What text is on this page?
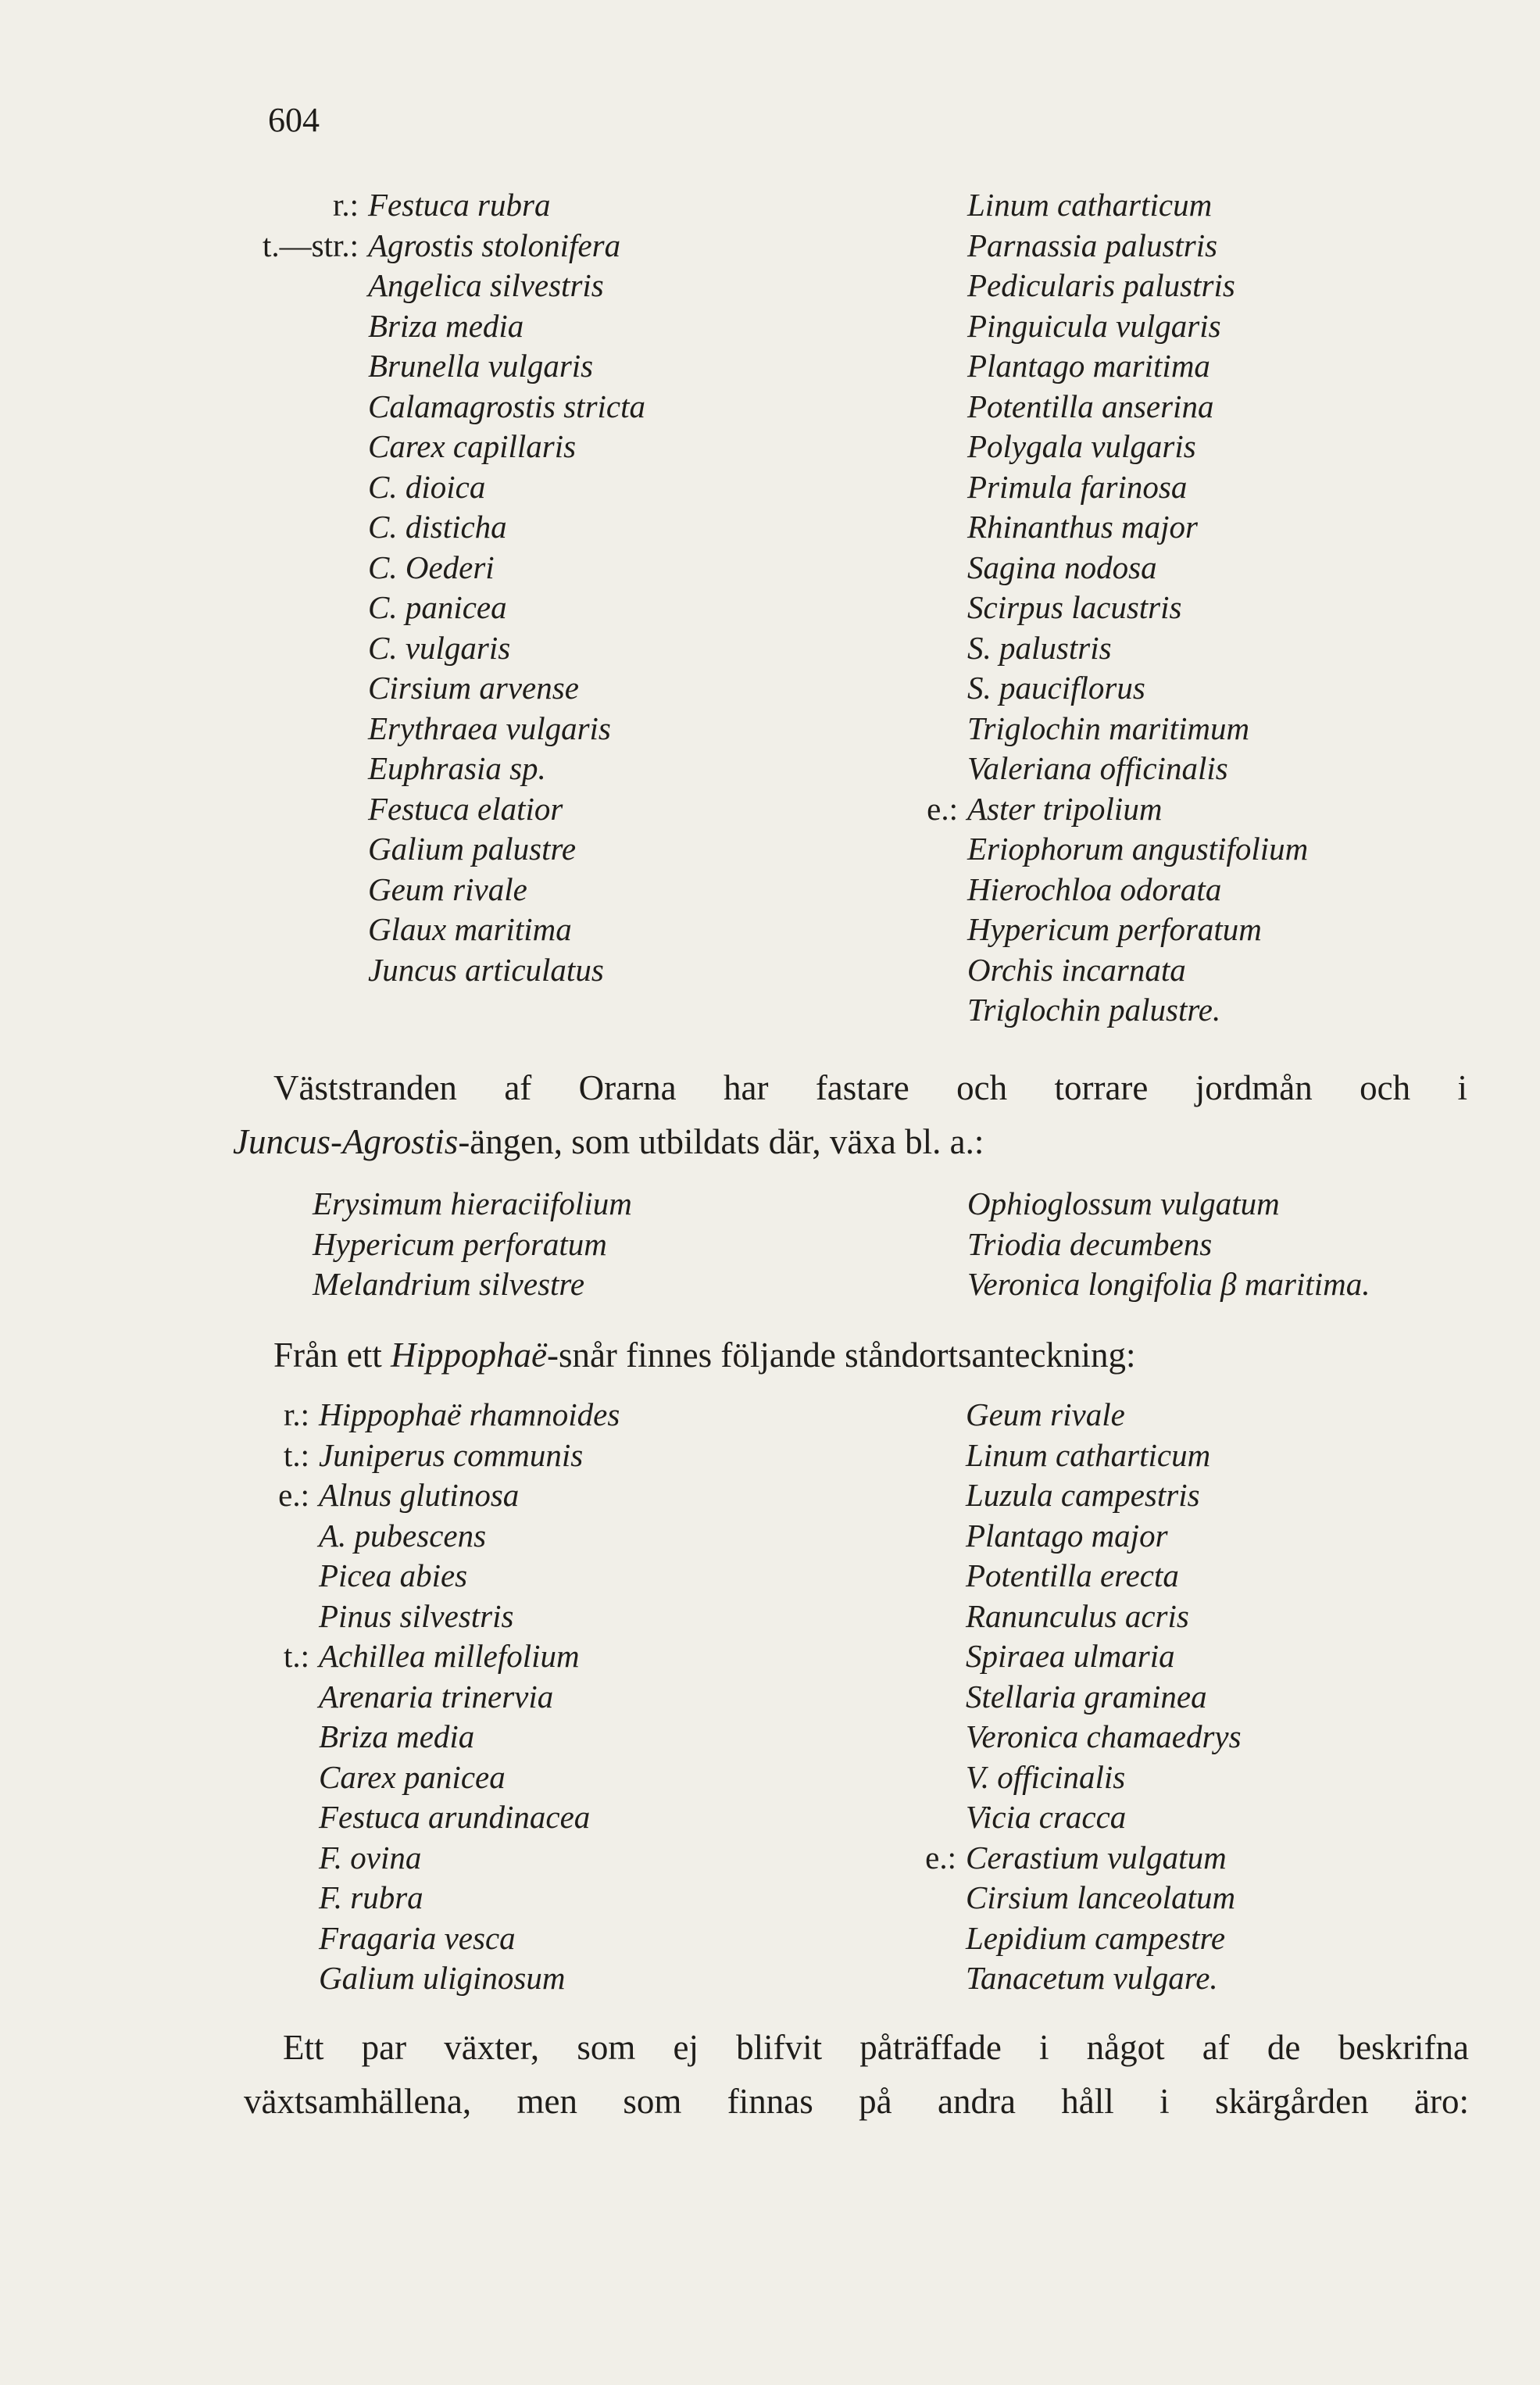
604
r.: Festuca rubra
t.—str.: Agrostis stolonifera
Angelica silvestris
Briza media
Brunella vulgaris
Calamagrostis stricta
Carex capillaris
C. dioica
C. disticha
C. Oederi
C. panicea
C. vulgaris
Cirsium arvense
Erythraea vulgaris
Euphrasia sp.
Festuca elatior
Galium palustre
Geum rivale
Glaux maritima
Juncus articulatus
Linum catharticum
Parnassia palustris
Pedicularis palustris
Pinguicula vulgaris
Plantago maritima
Potentilla anserina
Polygala vulgaris
Primula farinosa
Rhinanthus major
Sagina nodosa
Scirpus lacustris
S. palustris
S. pauciflorus
Triglochin maritimum
Valeriana officinalis
e.: Aster tripolium
Eriophorum angustifolium
Hierochloa odorata
Hypericum perforatum
Orchis incarnata
Triglochin palustre.

Väststranden af Orarna har fastare och torrare jordmån och i
Juncus-Agrostis-ängen, som utbildats där, växa bl. a.:

Erysimum hieraciifolium
Hypericum perforatum
Melandrium silvestre
Ophioglossum vulgatum
Triodia decumbens
Veronica longifolia β maritima.

Från ett Hippophaë-snår finnes följande ståndortsanteckning:

r.: Hippophaë rhamnoides
t.: Juniperus communis
e.: Alnus glutinosa
A. pubescens
Picea abies
Pinus silvestris
t.: Achillea millefolium
Arenaria trinervia
Briza media
Carex panicea
Festuca arundinacea
F. ovina
F. rubra
Fragaria vesca
Galium uliginosum
Geum rivale
Linum catharticum
Luzula campestris
Plantago major
Potentilla erecta
Ranunculus acris
Spiraea ulmaria
Stellaria graminea
Veronica chamaedrys
V. officinalis
Vicia cracca
e.: Cerastium vulgatum
Cirsium lanceolatum
Lepidium campestre
Tanacetum vulgare.

Ett par växter, som ej blifvit påträffade i något af de beskrifna
växtsamhällena, men som finnas på andra håll i skärgården äro:
